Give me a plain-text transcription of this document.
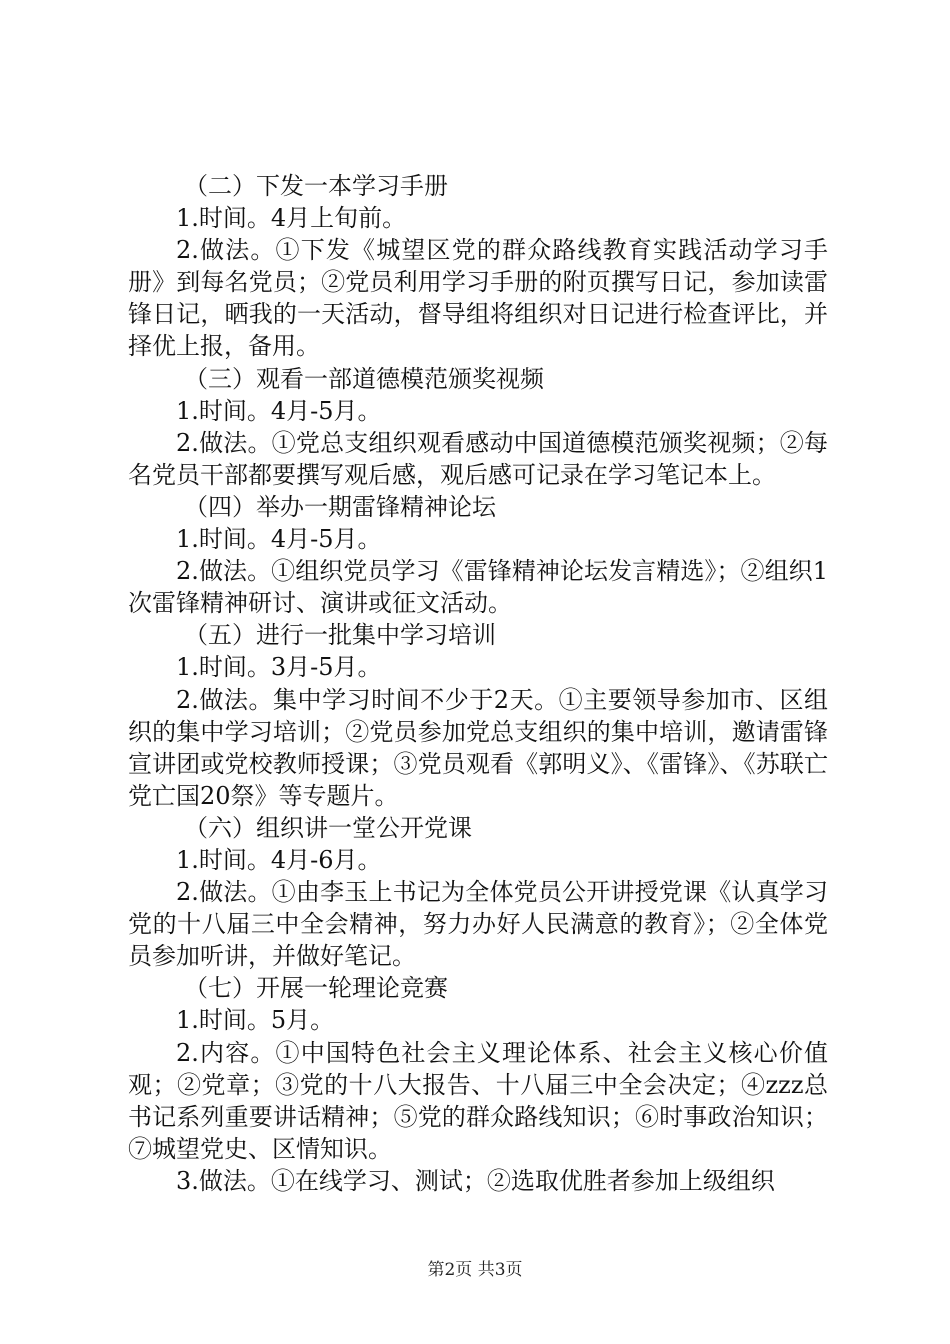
（二）下发一本学习手册

1.时间。4月上旬前。

2.做法。①下发《城望区党的群众路线教育实践活动学习手册》到每名党员；②党员利用学习手册的附页撰写日记，参加读雷锋日记，晒我的一天活动，督导组将组织对日记进行检查评比，并择优上报，备用。

（三）观看一部道德模范颁奖视频

1.时间。4月-5月。

2.做法。①党总支组织观看感动中国道德模范颁奖视频；②每名党员干部都要撰写观后感，观后感可记录在学习笔记本上。

（四）举办一期雷锋精神论坛

1.时间。4月-5月。

2.做法。①组织党员学习《雷锋精神论坛发言精选》；②组织1次雷锋精神研讨、演讲或征文活动。

（五）进行一批集中学习培训

1.时间。3月-5月。

2.做法。集中学习时间不少于2天。①主要领导参加市、区组织的集中学习培训；②党员参加党总支组织的集中培训，邀请雷锋宣讲团或党校教师授课；③党员观看《郭明义》、《雷锋》、《苏联亡党亡国20祭》等专题片。

（六）组织讲一堂公开党课

1.时间。4月-6月。

2.做法。①由李玉上书记为全体党员公开讲授党课《认真学习党的十八届三中全会精神，努力办好人民满意的教育》；②全体党员参加听讲，并做好笔记。

（七）开展一轮理论竞赛

1.时间。5月。

2.内容。①中国特色社会主义理论体系、社会主义核心价值观；②党章；③党的十八大报告、十八届三中全会决定；④zzz总书记系列重要讲话精神；⑤党的群众路线知识；⑥时事政治知识；⑦城望党史、区情知识。

3.做法。①在线学习、测试；②选取优胜者参加上级组织

第2页 共3页
